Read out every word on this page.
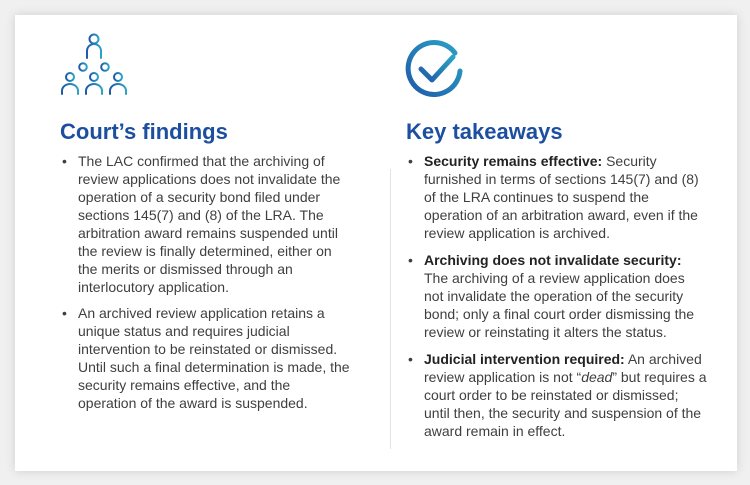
Court’s findings	Key takeaways
• The LAC confirmed that the archiving of review applications does not invalidate the operation of a security bond filed under sections 145(7) and (8) of the LRA. The arbitration award remains suspended until the review is finally determined, either on the merits or dismissed through an interlocutory application.
• An archived review application retains a unique status and requires judicial intervention to be reinstated or dismissed. Until such a final determination is made, the security remains effective, and the operation of the award is suspended.
• Security remains effective: Security furnished in terms of sections 145(7) and (8) of the LRA continues to suspend the operation of an arbitration award, even if the review application is archived.
• Archiving does not invalidate security: The archiving of a review application does not invalidate the operation of the security bond; only a final court order dismissing the review or reinstating it alters the status.
• Judicial intervention required: An archived review application is not “dead” but requires a court order to be reinstated or dismissed; until then, the security and suspension of the award remain in effect.
